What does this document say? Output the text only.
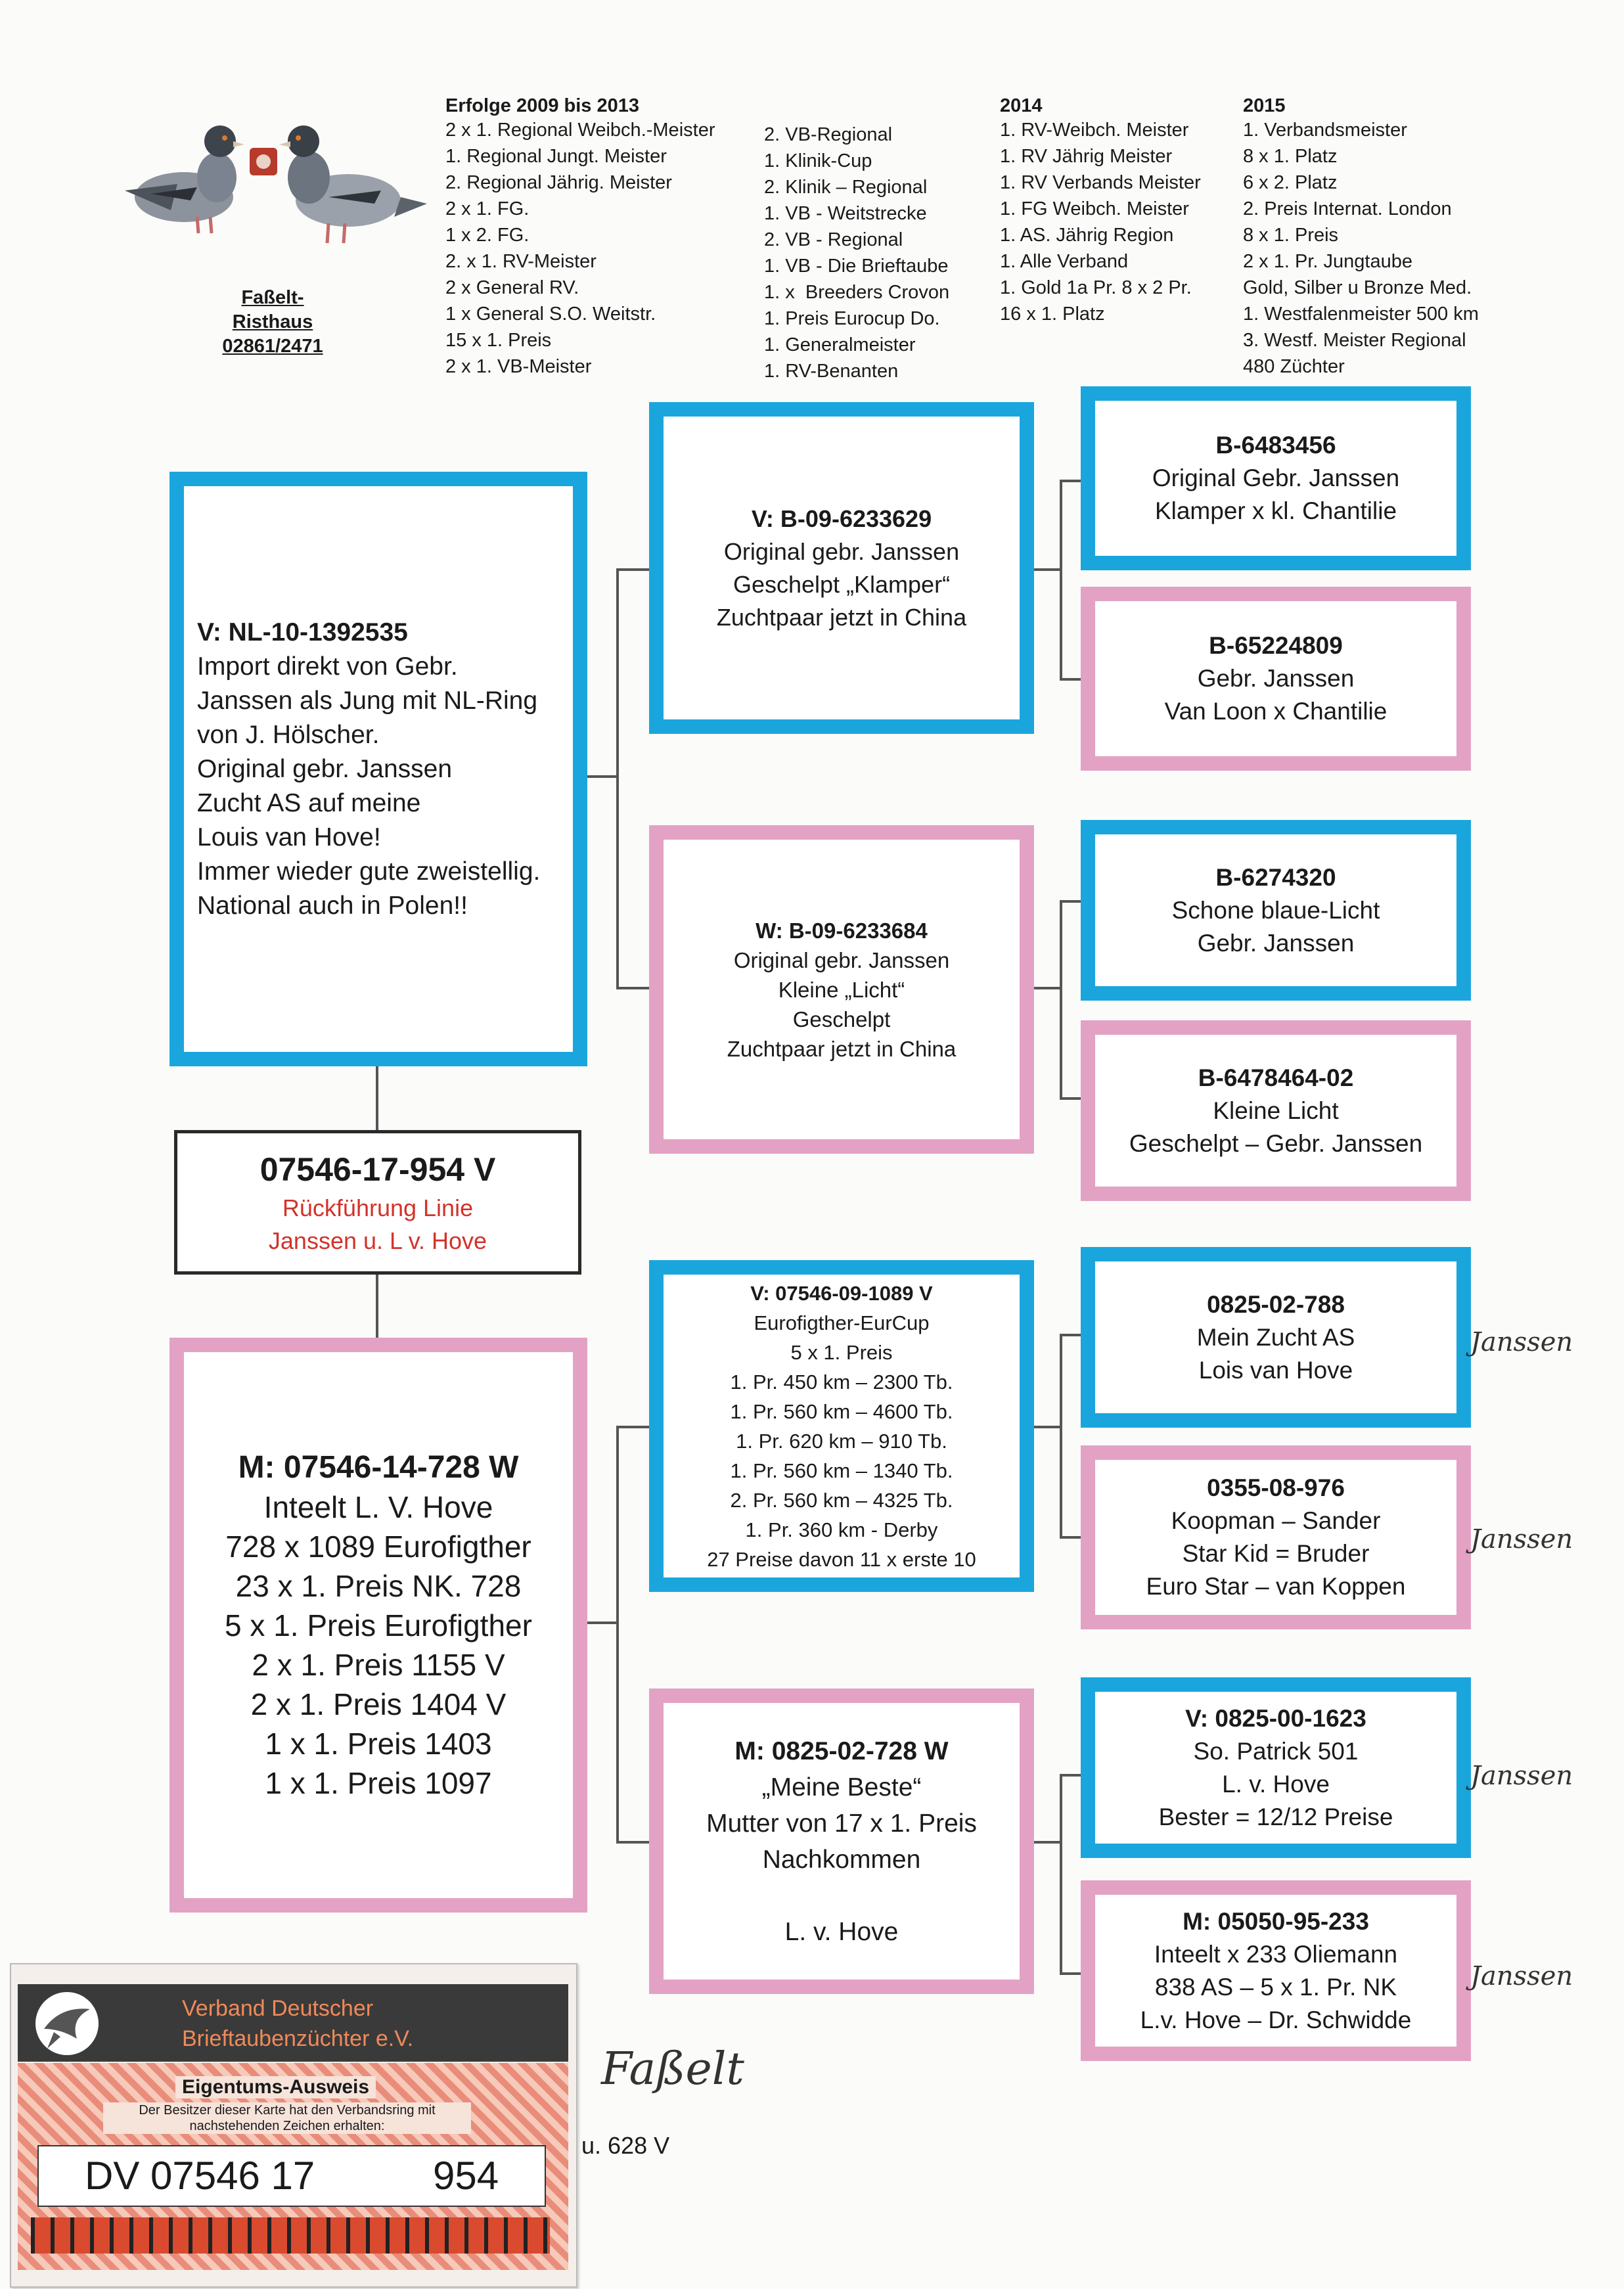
Faßelt-
Risthaus
02861/2471
Erfolge 2009 bis 2013
2 x 1. Regional Weibch.-Meister
1. Regional Jungt. Meister
2. Regional Jährig. Meister
2 x 1. FG.
1 x 2. FG.
2. x 1. RV-Meister
2 x General RV.
1 x General S.O. Weitstr.
15 x 1. Preis
2 x 1. VB-Meister
2. VB-Regional
1. Klinik-Cup
2. Klinik – Regional
1. VB - Weitstrecke
2. VB - Regional
1. VB - Die Brieftaube
1. x  Breeders Crovon
1. Preis Eurocup Do.
1. Generalmeister
1. RV-Benanten
2014
1. RV-Weibch. Meister
1. RV Jährig Meister
1. RV Verbands Meister
1. FG Weibch. Meister
1. AS. Jährig Region
1. Alle Verband
1. Gold 1a Pr. 8 x 2 Pr.
16 x 1. Platz
2015
1. Verbandsmeister
8 x 1. Platz
6 x 2. Platz
2. Preis Internat. London
8 x 1. Preis
2 x 1. Pr. Jungtaube
Gold, Silber u Bronze Med.
1. Westfalenmeister 500 km
3. Westf. Meister Regional
480 Züchter
V: NL-10-1392535
Import direkt von Gebr.
Janssen als Jung mit NL-Ring
von J. Hölscher.
Original gebr. Janssen
Zucht AS auf meine
Louis van Hove!
Immer wieder gute zweistellig.
National auch in Polen!!
07546-17-954 V
Rückführung Linie
Janssen u. L v. Hove
M: 07546-14-728 W
Inteelt L. V. Hove
728 x 1089 Eurofigther
23 x 1. Preis NK. 728
5 x 1. Preis Eurofigther
2 x 1. Preis 1155 V
2 x 1. Preis 1404 V
1 x 1. Preis 1403
1 x 1. Preis 1097
V: B-09-6233629
Original gebr. Janssen
Geschelpt „Klamper“
Zuchtpaar jetzt in China
W: B-09-6233684
Original gebr. Janssen
Kleine „Licht“
Geschelpt
Zuchtpaar jetzt in China
V: 07546-09-1089 V
Eurofigther-EurCup
5 x 1. Preis
1. Pr. 450 km – 2300 Tb.
1. Pr. 560 km – 4600 Tb.
1. Pr. 620 km – 910 Tb.
1. Pr. 560 km – 1340 Tb.
2. Pr. 560 km – 4325 Tb.
1. Pr. 360 km - Derby
27 Preise davon 11 x erste 10
M: 0825-02-728 W
„Meine Beste“
Mutter von 17 x 1. Preis
Nachkommen

L. v. Hove
B-6483456
Original Gebr. Janssen
Klamper x kl. Chantilie
B-65224809
Gebr. Janssen
Van Loon x Chantilie
B-6274320
Schone blaue-Licht
Gebr. Janssen
B-6478464-02
Kleine Licht
Geschelpt – Gebr. Janssen
0825-02-788
Mein Zucht AS
Lois van Hove
0355-08-976
Koopman – Sander
Star Kid = Bruder
Euro Star – van Koppen
V: 0825-00-1623
So. Patrick 501
L. v. Hove
Bester = 12/12 Preise
M: 05050-95-233
Inteelt x 233 Oliemann
838 AS – 5 x 1. Pr. NK
L.v. Hove – Dr. Schwidde
Janssen
Janssen
Janssen
Janssen
Faßelt
u. 628 V
Verband Deutscher
Brieftaubenzüchter e.V.
Eigentums-Ausweis
Der Besitzer dieser Karte hat den Verbandsring mit nachstehenden Zeichen erhalten:
DV 07546 17	954
